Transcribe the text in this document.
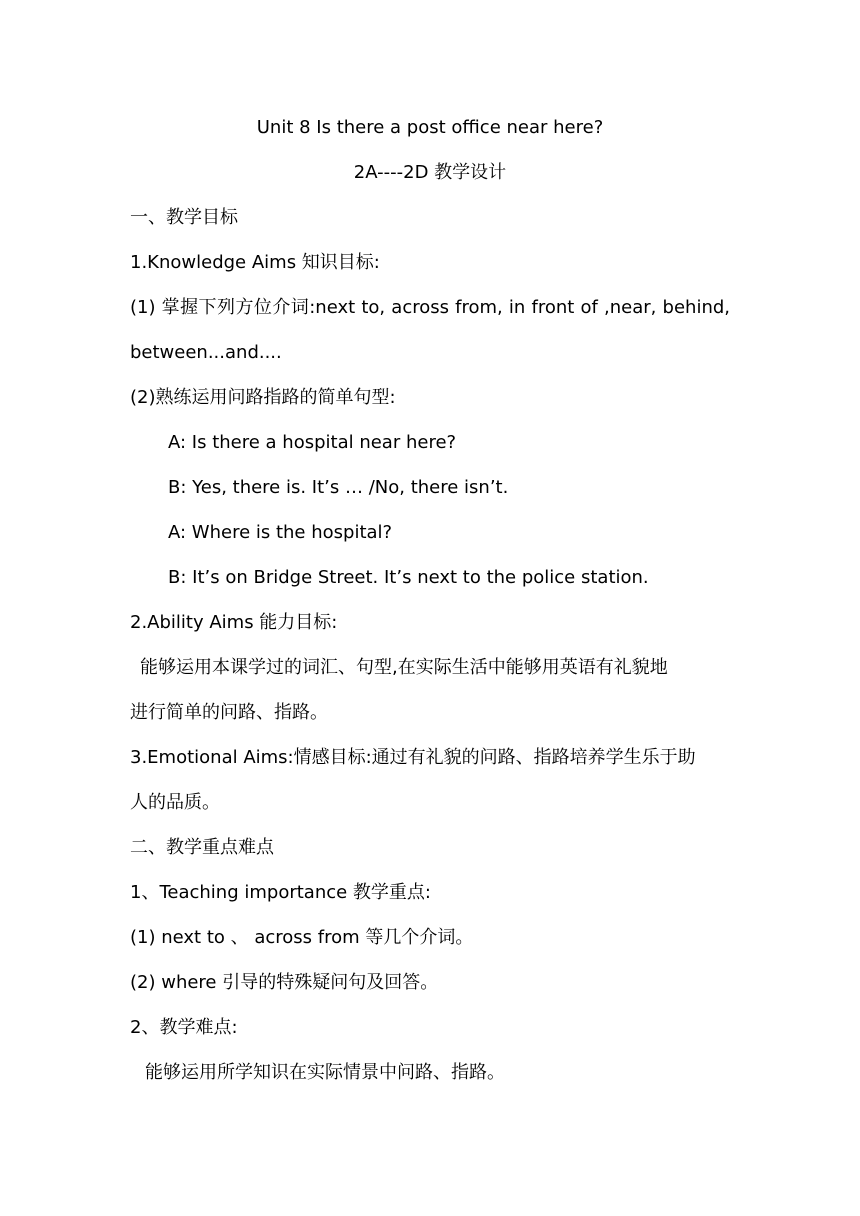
Unit 8 Is there a post office near here?
2A----2D 教学设计
一、教学目标
1.Knowledge Aims 知识目标:
(1) 掌握下列方位介词:next to, across from, in front of ,near, behind,
between...and....
(2)熟练运用问路指路的简单句型:
A: Is there a hospital near here?
B: Yes, there is. It’s … /No, there isn’t.
A: Where is the hospital?
B: It’s on Bridge Street. It’s next to the police station.
2.Ability Aims 能力目标:
能够运用本课学过的词汇、句型,在实际生活中能够用英语有礼貌地
进行简单的问路、指路。
3.Emotional Aims:情感目标:通过有礼貌的问路、指路培养学生乐于助
人的品质。
二、教学重点难点
1、Teaching importance 教学重点:
(1) next to 、 across from 等几个介词。
(2) where 引导的特殊疑问句及回答。
2、教学难点:
能够运用所学知识在实际情景中问路、指路。
